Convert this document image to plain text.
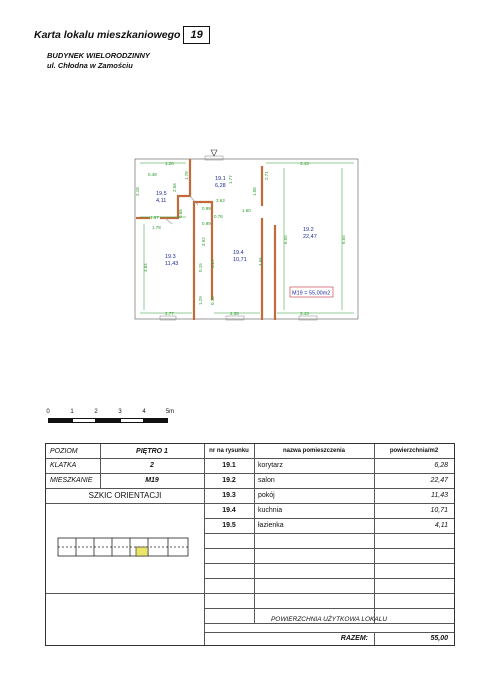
Karta lokalu mieszkaniowego 19
BUDYNEK WIELORODZINNY
ul. Chłodna w Zamościu
1.20
0.48
2.18	2.56
1.78	1.77
3.43
1.06
2.71
0.99
0.99
0.76
3.63
1.67
1.78
3.92
1.60
0.66
3.84	4.27
0.15
4.56
6.55	6.55
1.29 0.15
2.77	2.35	3.43
19.1
6,28
19.2
22,47
19.3
11,43
19.4
10,71
19.5
4,11
M19 = 55,00m2
0	1	2	3	4	5m
POZIOM	PIĘTRO 1
KLATKA	2
MIESZKANIE	M19
SZKIC ORIENTACJI
nr na rysunku	nazwa pomieszczenia	powierzchnia/m2
19.1	korytarz	6,28
19.2	salon	22,47
19.3	pokój	11,43
19.4	kuchnia	10,71
19.5	łazienka	4,11
POWIERZCHNIA UŻYTKOWA LOKALU
RAZEM:	55,00
